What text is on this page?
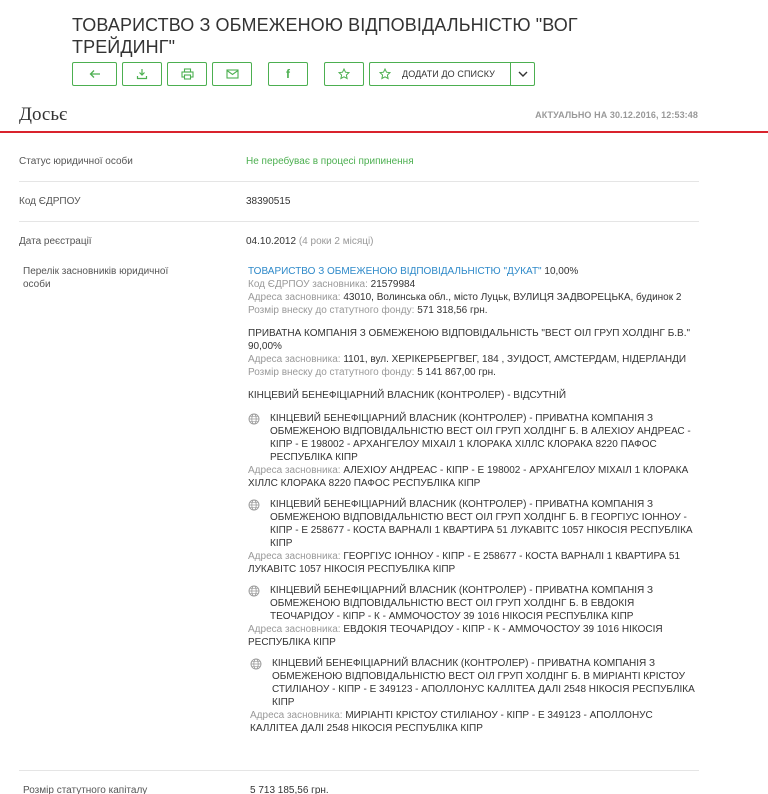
ТОВАРИСТВО З ОБМЕЖЕНОЮ ВІДПОВІДАЛЬНІСТЮ "ВОГ ТРЕЙДИНГ"
f	ДОДАТИ ДО СПИСКУ
Досьє	АКТУАЛЬНО НА 30.12.2016, 12:53:48
Статус юридичної особи	Не перебуває в процесі припинення
Код ЄДРПОУ	38390515
Дата реєстрації	04.10.2012 (4 роки 2 місяці)
Перелік засновників юридичної особи
ТОВАРИСТВО З ОБМЕЖЕНОЮ ВІДПОВІДАЛЬНІСТЮ "ДУКАТ" 10,00%
Код ЄДРПОУ засновника: 21579984
Адреса засновника: 43010, Волинська обл., місто Луцьк, ВУЛИЦЯ ЗАДВОРЕЦЬКА, будинок 2
Розмір внеску до статутного фонду: 571 318,56 грн.
ПРИВАТНА КОМПАНІЯ З ОБМЕЖЕНОЮ ВІДПОВІДАЛЬНІСТЬ "ВЕСТ ОІЛ ГРУП ХОЛДІНГ Б.В." 90,00%
Адреса засновника: 1101, вул. ХЕРІКЕРБЕРГВЕГ, 184 , ЗУІДОСТ, АМСТЕРДАМ, НІДЕРЛАНДИ
Розмір внеску до статутного фонду: 5 141 867,00 грн.
КІНЦЕВИЙ БЕНЕФІЦІАРНИЙ ВЛАСНИК (КОНТРОЛЕР) - ВІДСУТНІЙ
КІНЦЕВИЙ БЕНЕФІЦІАРНИЙ ВЛАСНИК (КОНТРОЛЕР) - ПРИВАТНА КОМПАНІЯ З ОБМЕЖЕНОЮ ВІДПОВІДАЛЬНІСТЮ ВЕСТ ОІЛ ГРУП ХОЛДІНГ Б. В АЛЕХІОУ АНДРЕАС - КІПР - Е 198002 - АРХАНГЕЛОУ МІХАІЛ 1 КЛОРАКА ХІЛЛС КЛОРАКА 8220 ПАФОС РЕСПУБЛІКА КІПР
Адреса засновника: АЛЕХІОУ АНДРЕАС - КІПР - Е 198002 - АРХАНГЕЛОУ МІХАІЛ 1 КЛОРАКА ХІЛЛС КЛОРАКА 8220 ПАФОС РЕСПУБЛІКА КІПР
КІНЦЕВИЙ БЕНЕФІЦІАРНИЙ ВЛАСНИК (КОНТРОЛЕР) - ПРИВАТНА КОМПАНІЯ З ОБМЕЖЕНОЮ ВІДПОВІДАЛЬНІСТЮ ВЕСТ ОІЛ ГРУП ХОЛДІНГ Б. В ГЕОРГІУС ІОННОУ - КІПР - Е 258677 - КОСТА ВАРНАЛІ 1 КВАРТИРА 51 ЛУКАВІТС 1057 НІКОСІЯ РЕСПУБЛІКА КІПР
Адреса засновника: ГЕОРГІУС ІОННОУ - КІПР - Е 258677 - КОСТА ВАРНАЛІ 1 КВАРТИРА 51 ЛУКАВІТС 1057 НІКОСІЯ РЕСПУБЛІКА КІПР
КІНЦЕВИЙ БЕНЕФІЦІАРНИЙ ВЛАСНИК (КОНТРОЛЕР) - ПРИВАТНА КОМПАНІЯ З ОБМЕЖЕНОЮ ВІДПОВІДАЛЬНІСТЮ ВЕСТ ОІЛ ГРУП ХОЛДІНГ Б. В ЕВДОКІЯ ТЕОЧАРІДОУ - КІПР - К - АММОЧОСТОУ 39 1016 НІКОСІЯ РЕСПУБЛІКА КІПР
Адреса засновника: ЕВДОКІЯ ТЕОЧАРІДОУ - КІПР - К - АММОЧОСТОУ 39 1016 НІКОСІЯ РЕСПУБЛІКА КІПР
КІНЦЕВИЙ БЕНЕФІЦІАРНИЙ ВЛАСНИК (КОНТРОЛЕР) - ПРИВАТНА КОМПАНІЯ З ОБМЕЖЕНОЮ ВІДПОВІДАЛЬНІСТЮ ВЕСТ ОІЛ ГРУП ХОЛДІНГ Б. В МИРІАНТІ КРІСТОУ СТИЛІАНОУ - КІПР - Е 349123 - АПОЛЛОНУС КАЛЛІТЕА ДАЛІ 2548 НІКОСІЯ РЕСПУБЛІКА КІПР
Адреса засновника: МИРІАНТІ КРІСТОУ СТИЛІАНОУ - КІПР - Е 349123 - АПОЛЛОНУС КАЛЛІТЕА ДАЛІ 2548 НІКОСІЯ РЕСПУБЛІКА КІПР
Розмір статутного капіталу	5 713 185,56 грн.
